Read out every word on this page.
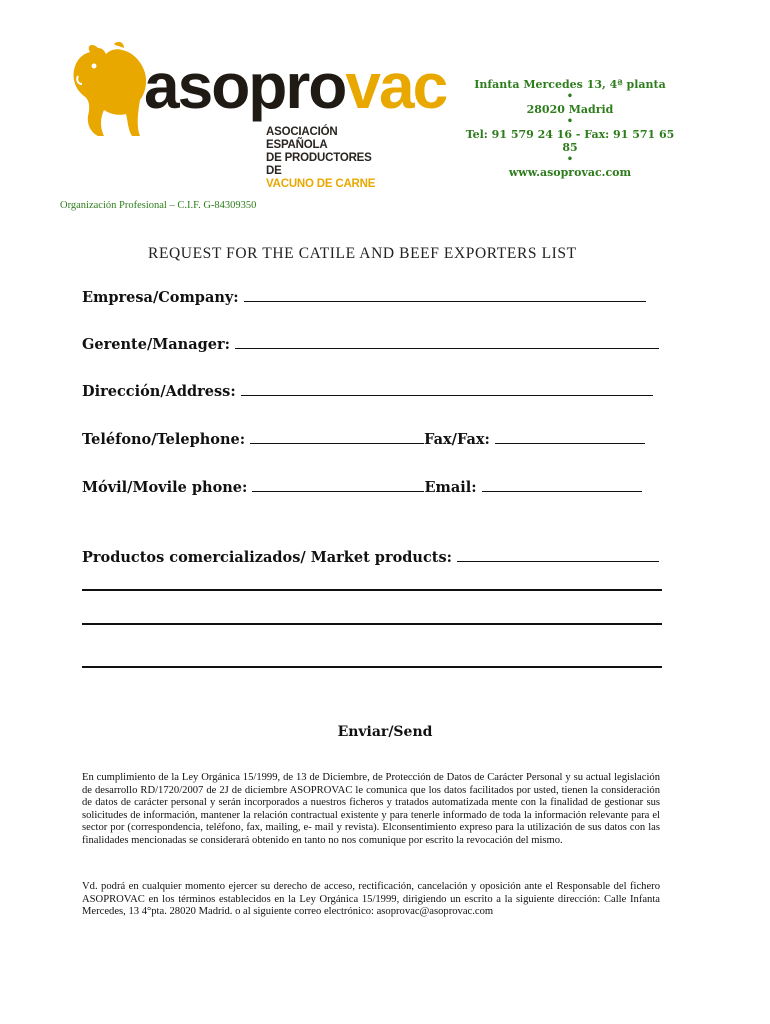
asoprovac
ASOCIACIÓN ESPAÑOLA
DE PRODUCTORES DE
VACUNO DE CARNE
Infanta Mercedes 13, 4ª planta
•
28020 Madrid
•
Tel: 91 579 24 16 - Fax: 91 571 65 85
•
www.asoprovac.com
Organización Profesional – C.I.F. G-84309350
REQUEST FOR THE CATILE AND BEEF EXPORTERS LIST
Empresa/Company:
Gerente/Manager:
Dirección/Address:
Teléfono/Telephone:	Fax/Fax:
Móvil/Movile phone:	Email:
Productos comercializados/ Market products:
Enviar/Send
En cumplimiento de la Ley Orgánica 15/1999, de 13 de Diciembre, de Protección de Datos de Carácter Personal y su actual legislación de desarrollo RD/1720/2007 de 2J de diciembre ASOPROVAC le comunica que los datos facilitados por usted, tienen la consideración de datos de carácter personal y serán incorporados a nuestros ficheros y tratados automatizada mente con la finalidad de gestionar sus solicitudes de información, mantener la relación contractual existente y para tenerle informado de toda la información relevante para el sector por (correspondencia, teléfono, fax, mailing, e- mail y revista). Elconsentimiento expreso para la utilización de sus datos con las finalidades mencionadas se considerará obtenido en tanto no nos comunique por escrito la revocación del mismo.
Vd. podrá en cualquier momento ejercer su derecho de acceso, rectificación, cancelación y oposición ante el Responsable del fichero ASOPROVAC en los términos establecidos en la Ley Orgánica 15/1999, dirigiendo un escrito a la siguiente dirección: Calle Infanta Mercedes, 13 4°pta. 28020 Madrid. o al siguiente correo electrónico: asoprovac@asoprovac.com
